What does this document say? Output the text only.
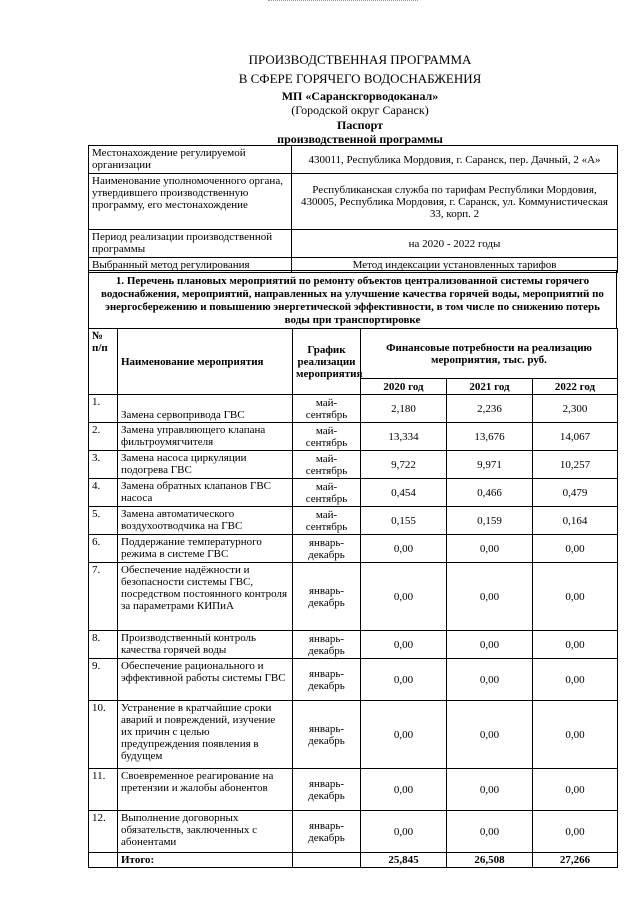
ПРОИЗВОДСТВЕННАЯ ПРОГРАММА
В СФЕРЕ ГОРЯЧЕГО ВОДОСНАБЖЕНИЯ
МП «Саранскгорводоканал»
(Городской округ Саранск)
Паспорт
производственной программы
Местонахождение регулируемой организации	430011, Республика Мордовия, г. Саранск, пер. Дачный, 2 «А»
Наименование уполномоченного органа, утвердившего производственную программу, его местонахождение	Республиканская служба по тарифам Республики Мордовия, 430005, Республика Мордовия, г. Саранск, ул. Коммунистическая 33, корп. 2
Период реализации производственной программы	на 2020 - 2022 годы
Выбранный метод регулирования	Метод индексации установленных тарифов
1. Перечень плановых мероприятий по ремонту объектов централизованной системы горячего водоснабжения, мероприятий, направленных на улучшение качества горячей воды, мероприятий по энергосбережению и повышению энергетической эффективности, в том числе по снижению потерь воды при транспортировке
№ п/п	Наименование мероприятия	График реализации мероприятия	Финансовые потребности на реализацию мероприятия, тыс. руб.		
			2020 год	2021 год	2022 год
1.	Замена сервопривода ГВС	май-сентябрь	2,180	2,236	2,300
2.	Замена управляющего клапана фильтроумягчителя	май-сентябрь	13,334	13,676	14,067
3.	Замена насоса циркуляции подогрева ГВС	май-сентябрь	9,722	9,971	10,257
4.	Замена обратных клапанов ГВС насоса	май-сентябрь	0,454	0,466	0,479
5.	Замена автоматического воздухоотводчика на ГВС	май-сентябрь	0,155	0,159	0,164
6.	Поддержание температурного режима в системе ГВС	январь-декабрь	0,00	0,00	0,00
7.	Обеспечение надёжности и безопасности системы ГВС, посредством постоянного контроля за параметрами КИПиА	январь-декабрь	0,00	0,00	0,00
8.	Производственный контроль качества горячей воды	январь-декабрь	0,00	0,00	0,00
9.	Обеспечение рационального и эффективной работы системы ГВС	январь-декабрь	0,00	0,00	0,00
10.	Устранение в кратчайшие сроки аварий и повреждений, изучение их причин с целью предупреждения появления в будущем	январь-декабрь	0,00	0,00	0,00
11.	Своевременное реагирование на претензии и жалобы абонентов	январь-декабрь	0,00	0,00	0,00
12.	Выполнение договорных обязательств, заключенных с абонентами	январь-декабрь	0,00	0,00	0,00
	Итого:		25,845	26,508	27,266
